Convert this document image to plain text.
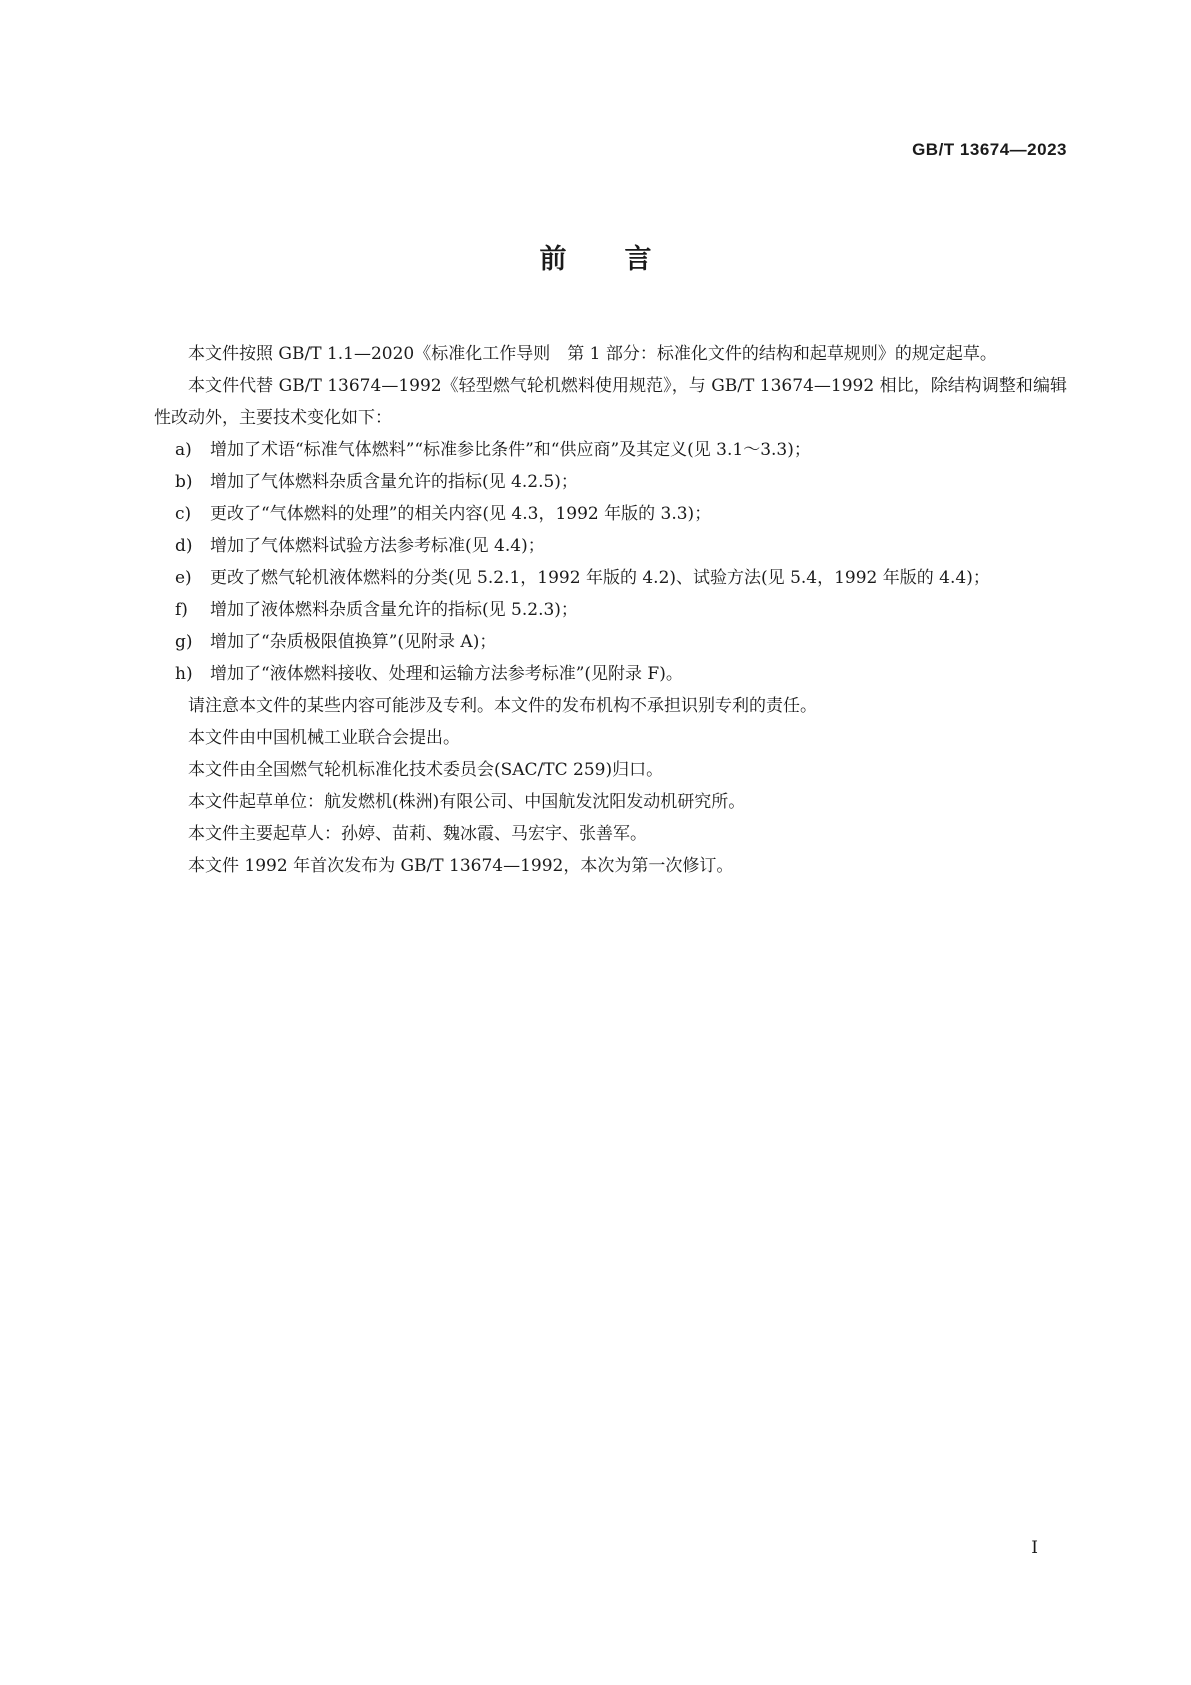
GB/T 13674—2023
前言

本文件按照 GB/T 1.1—2020《标准化工作导则　第 1 部分：标准化文件的结构和起草规则》的规定起草。

本文件代替 GB/T 13674—1992《轻型燃气轮机燃料使用规范》，与 GB/T 13674—1992 相比，除结构调整和编辑性改动外，主要技术变化如下：

a) 增加了术语“标准气体燃料”“标准参比条件”和“供应商”及其定义(见 3.1～3.3)；

b) 增加了气体燃料杂质含量允许的指标(见 4.2.5)；

c) 更改了“气体燃料的处理”的相关内容(见 4.3，1992 年版的 3.3)；

d) 增加了气体燃料试验方法参考标准(见 4.4)；

e) 更改了燃气轮机液体燃料的分类(见 5.2.1，1992 年版的 4.2)、试验方法(见 5.4，1992 年版的 4.4)；

f) 增加了液体燃料杂质含量允许的指标(见 5.2.3)；

g) 增加了“杂质极限值换算”(见附录 A)；

h) 增加了“液体燃料接收、处理和运输方法参考标准”(见附录 F)。

请注意本文件的某些内容可能涉及专利。本文件的发布机构不承担识别专利的责任。

本文件由中国机械工业联合会提出。

本文件由全国燃气轮机标准化技术委员会(SAC/TC 259)归口。

本文件起草单位：航发燃机(株洲)有限公司、中国航发沈阳发动机研究所。

本文件主要起草人：孙婷、苗莉、魏冰霞、马宏宇、张善军。

本文件 1992 年首次发布为 GB/T 13674—1992，本次为第一次修订。

I
